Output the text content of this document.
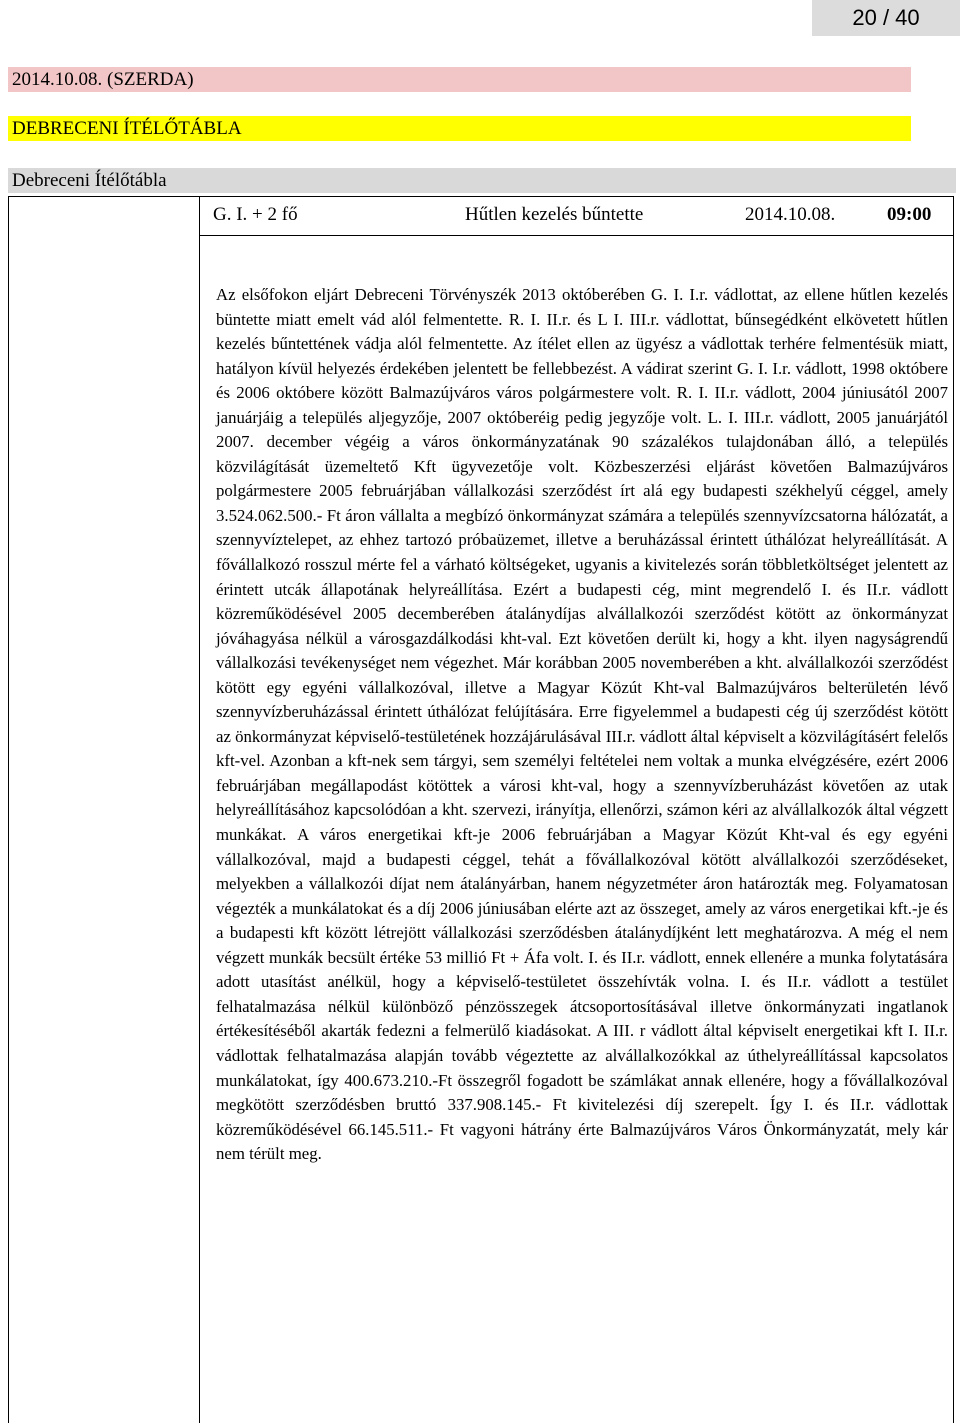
20 / 40
2014.10.08. (SZERDA)
DEBRECENI ÍTÉLŐTÁBLA
Debreceni Ítélőtábla
G. I. + 2 fő	Hűtlen kezelés bűntette	2014.10.08.	09:00

Az elsőfokon eljárt Debreceni Törvényszék 2013 októberében G. I. I.r. vádlottat, az ellene hűtlen kezelés büntette miatt emelt vád alól felmentette. R. I. II.r. és L I. III.r. vádlottat, bűnsegédként elkövetett hűtlen kezelés bűntettének vádja alól felmentette. Az ítélet ellen az ügyész a vádlottak terhére felmentésük miatt, hatályon kívül helyezés érdekében jelentett be fellebbezést. A vádirat szerint G. I. I.r. vádlott, 1998 októbere és 2006 októbere között Balmazújváros város polgármestere volt. R. I. II.r. vádlott, 2004 júniusától 2007 januárjáig a település aljegyzője, 2007 októberéig pedig jegyzője volt. L. I. III.r. vádlott, 2005 januárjától 2007. december végéig a város önkormányzatának 90 százalékos tulajdonában álló, a település közvilágítását üzemeltető Kft ügyvezetője volt. Közbeszerzési eljárást követően Balmazújváros polgármestere 2005 februárjában vállalkozási szerződést írt alá egy budapesti székhelyű céggel, amely 3.524.062.500.- Ft áron vállalta a megbízó önkormányzat számára a település szennyvízcsatorna hálózatát, a szennyvíztelepet, az ehhez tartozó próbaüzemet, illetve a beruházással érintett úthálózat helyreállítását. A fővállalkozó rosszul mérte fel a várható költségeket, ugyanis a kivitelezés során többletköltséget jelentett az érintett utcák állapotának helyreállítása. Ezért a budapesti cég, mint megrendelő I. és II.r. vádlott közreműködésével 2005 decemberében átalánydíjas alvállalkozói szerződést kötött az önkormányzat jóváhagyása nélkül a városgazdálkodási kht-val. Ezt követően derült ki, hogy a kht. ilyen nagyságrendű vállalkozási tevékenységet nem végezhet. Már korábban 2005 novemberében a kht. alvállalkozói szerződést kötött egy egyéni vállalkozóval, illetve a Magyar Közút Kht-val Balmazújváros belterületén lévő szennyvízberuházással érintett úthálózat felújítására. Erre figyelemmel a budapesti cég új szerződést kötött az önkormányzat képviselő-testületének hozzájárulásával III.r. vádlott által képviselt a közvilágításért felelős kft-vel. Azonban a kft-nek sem tárgyi, sem személyi feltételei nem voltak a munka elvégzésére, ezért 2006 februárjában megállapodást kötöttek a városi kht-val, hogy a szennyvízberuházást követően az utak helyreállításához kapcsolódóan a kht. szervezi, irányítja, ellenőrzi, számon kéri az alvállalkozók által végzett munkákat. A város energetikai kft-je 2006 februárjában a Magyar Közút Kht-val és egy egyéni vállalkozóval, majd a budapesti céggel, tehát a fővállalkozóval kötött alvállalkozói szerződéseket, melyekben a vállalkozói díjat nem átalányárban, hanem négyzetméter áron határozták meg. Folyamatosan végezték a munkálatokat és a díj 2006 júniusában elérte azt az összeget, amely az város energetikai kft.-je és a budapesti kft között létrejött vállalkozási szerződésben átalánydíjként lett meghatározva. A még el nem végzett munkák becsült értéke 53 millió Ft + Áfa volt. I. és II.r. vádlott, ennek ellenére a munka folytatására adott utasítást anélkül, hogy a képviselő-testületet összehívták volna. I. és II.r. vádlott a testület felhatalmazása nélkül különböző pénzösszegek átcsoportosításával illetve önkormányzati ingatlanok értékesítéséből akarták fedezni a felmerülő kiadásokat. A III. r vádlott által képviselt energetikai kft I. II.r. vádlottak felhatalmazása alapján tovább végeztette az alvállalkozókkal az úthelyreállítással kapcsolatos munkálatokat, így 400.673.210.-Ft összegről fogadott be számlákat annak ellenére, hogy a fővállalkozóval megkötött szerződésben bruttó 337.908.145.- Ft kivitelezési díj szerepelt. Így I. és II.r. vádlottak közreműködésével 66.145.511.- Ft vagyoni hátrány érte Balmazújváros Város Önkormányzatát, mely kár nem térült meg.
